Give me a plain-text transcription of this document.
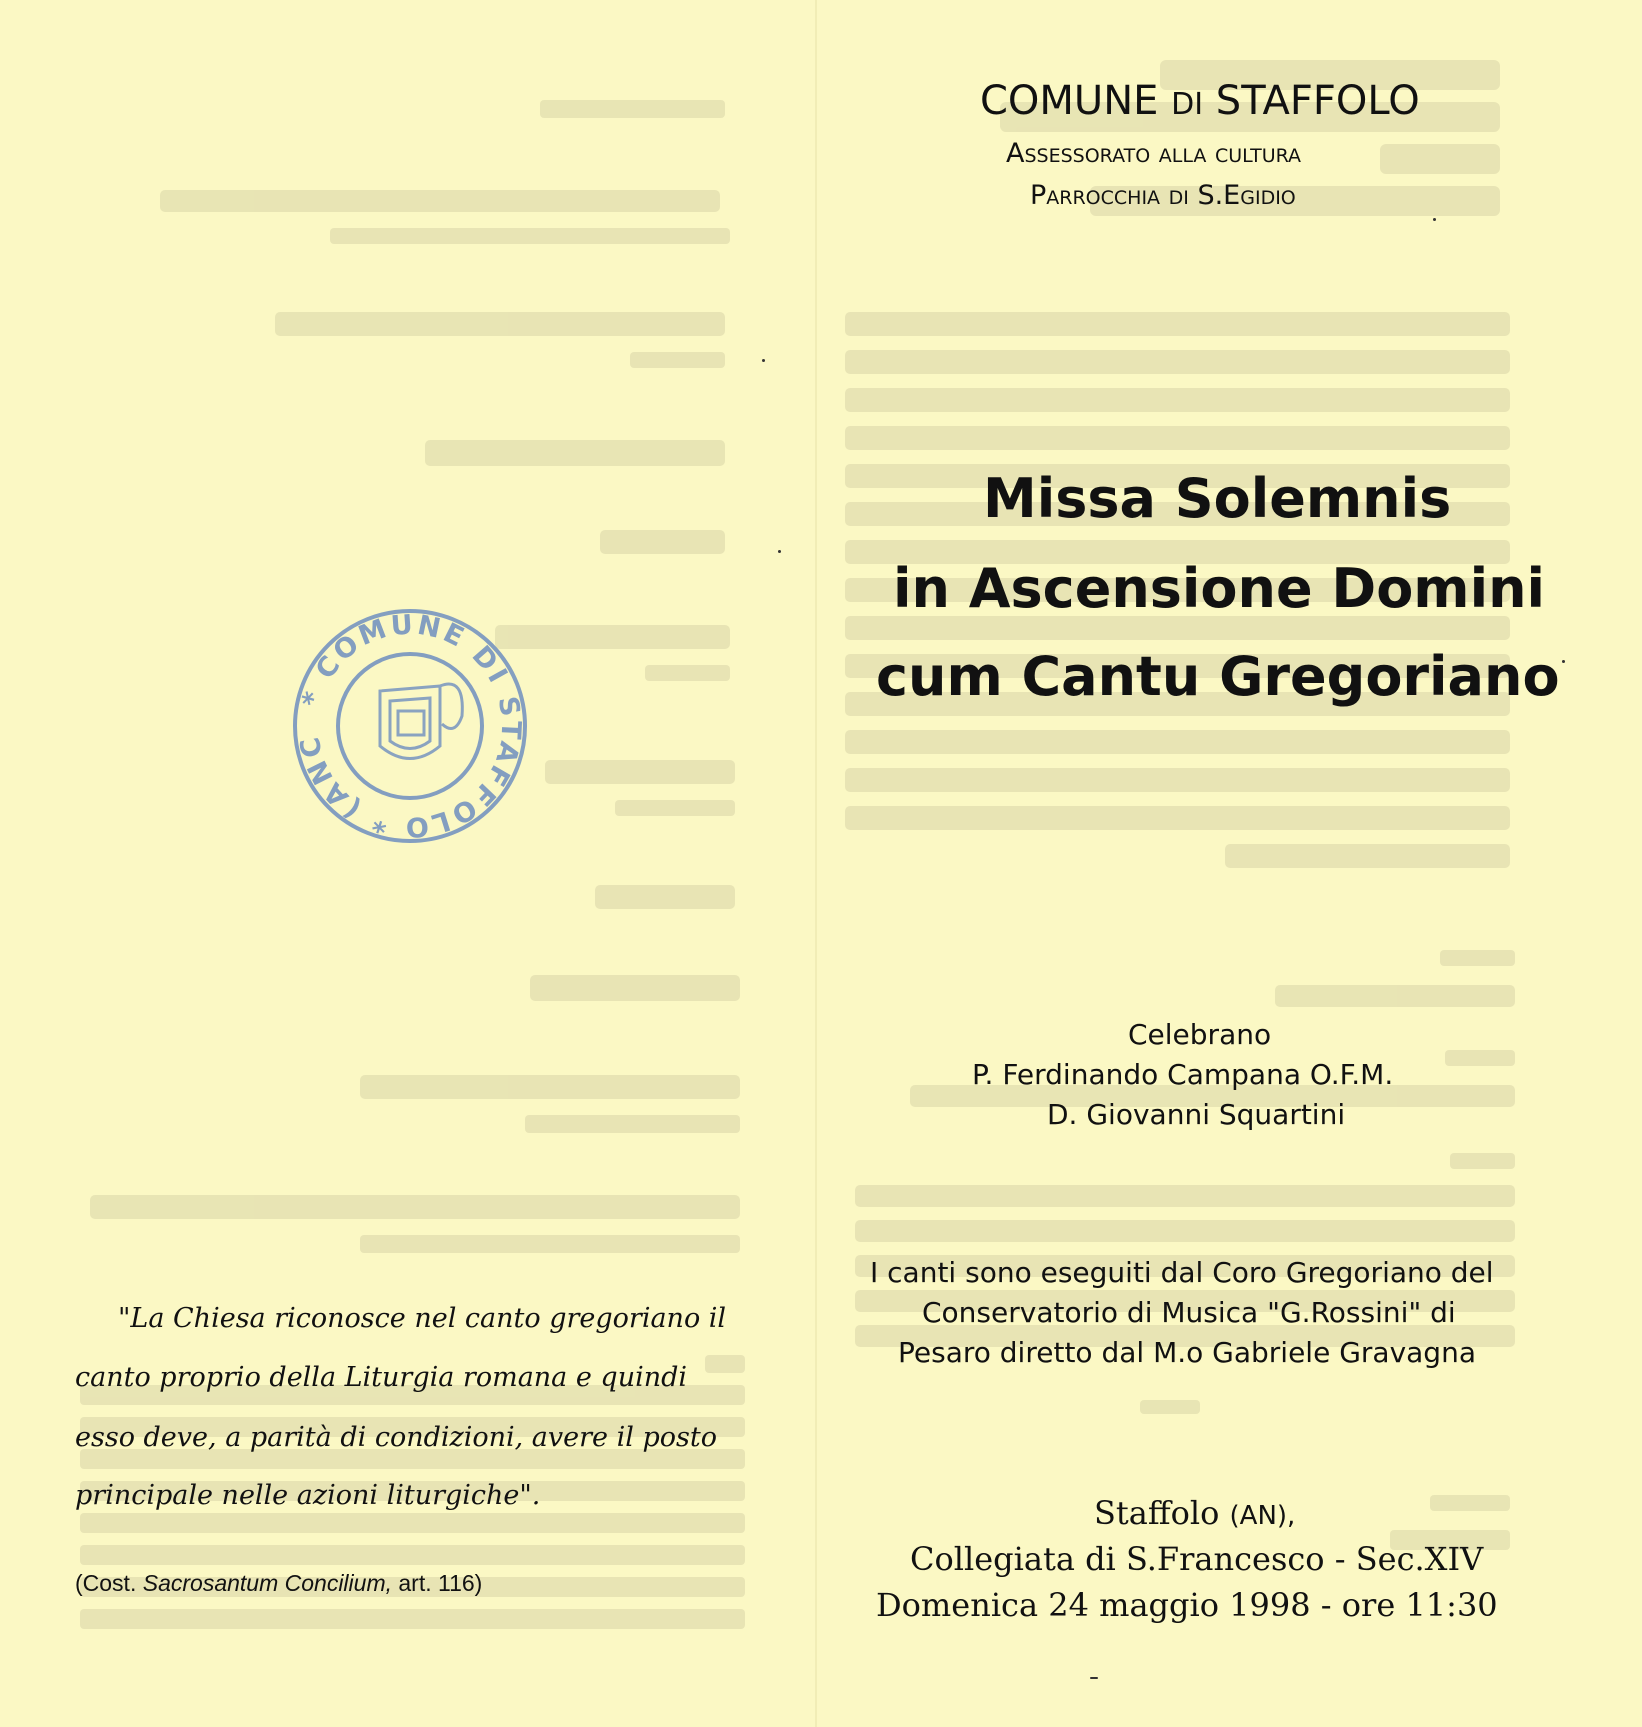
COMUNE DI STAFFOLO
Assessorato alla cultura
Parrocchia di S.Egidio
Missa Solemnis
in Ascensione Domini
cum Cantu Gregoriano
Celebrano
P. Ferdinando Campana O.F.M.
D. Giovanni Squartini
I canti sono eseguiti dal Coro Gregoriano del
Conservatorio di Musica "G.Rossini" di
Pesaro diretto dal M.o Gabriele Gravagna
Staffolo (AN),
Collegiata di S.Francesco - Sec.XIV
Domenica 24 maggio 1998 - ore 11:30
* COMUNE DI STAFFOLO * (ANC
"La Chiesa riconosce nel canto gregoriano il
canto proprio della Liturgia romana e quindi
esso deve, a parità di condizioni, avere il posto
principale nelle azioni liturgiche".
(Cost. Sacrosantum Concilium, art. 116)
